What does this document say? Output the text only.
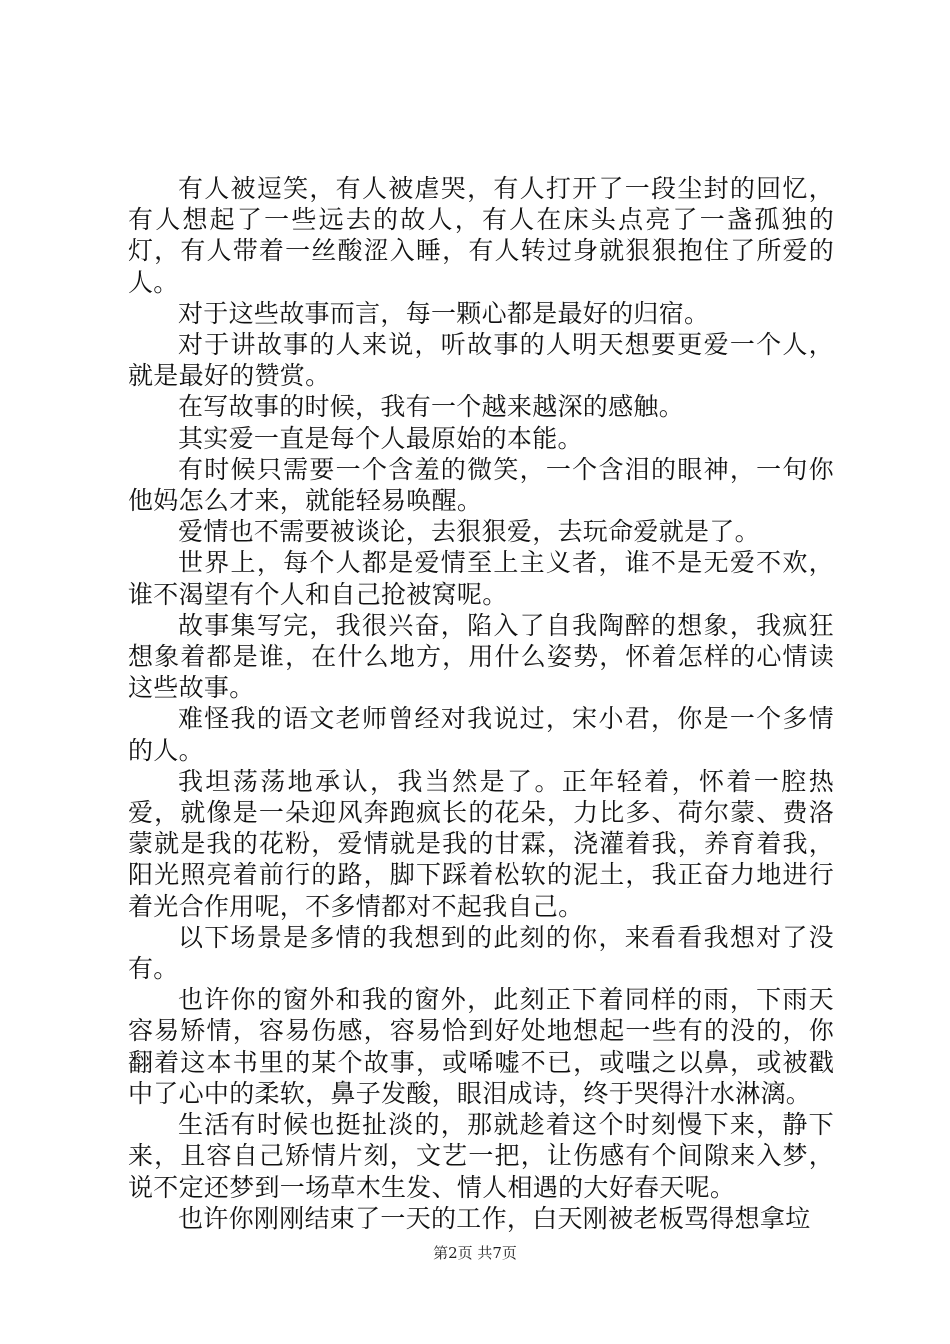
有人被逗笑，有人被虐哭，有人打开了一段尘封的回忆，有人想起了一些远去的故人，有人在床头点亮了一盏孤独的灯，有人带着一丝酸涩入睡，有人转过身就狠狠抱住了所爱的人。

对于这些故事而言，每一颗心都是最好的归宿。

对于讲故事的人来说，听故事的人明天想要更爱一个人，就是最好的赞赏。

在写故事的时候，我有一个越来越深的感触。

其实爱一直是每个人最原始的本能。

有时候只需要一个含羞的微笑，一个含泪的眼神，一句你他妈怎么才来，就能轻易唤醒。

爱情也不需要被谈论，去狠狠爱，去玩命爱就是了。

世界上，每个人都是爱情至上主义者，谁不是无爱不欢，谁不渴望有个人和自己抢被窝呢。

故事集写完，我很兴奋，陷入了自我陶醉的想象，我疯狂想象着都是谁，在什么地方，用什么姿势，怀着怎样的心情读这些故事。

难怪我的语文老师曾经对我说过，宋小君，你是一个多情的人。

我坦荡荡地承认，我当然是了。正年轻着，怀着一腔热爱，就像是一朵迎风奔跑疯长的花朵，力比多、荷尔蒙、费洛蒙就是我的花粉，爱情就是我的甘霖，浇灌着我，养育着我，阳光照亮着前行的路，脚下踩着松软的泥土，我正奋力地进行着光合作用呢，不多情都对不起我自己。

以下场景是多情的我想到的此刻的你，来看看我想对了没有。

也许你的窗外和我的窗外，此刻正下着同样的雨，下雨天容易矫情，容易伤感，容易恰到好处地想起一些有的没的，你翻着这本书里的某个故事，或唏嘘不已，或嗤之以鼻，或被戳中了心中的柔软，鼻子发酸，眼泪成诗，终于哭得汁水淋漓。

生活有时候也挺扯淡的，那就趁着这个时刻慢下来，静下来，且容自己矫情片刻，文艺一把，让伤感有个间隙来入梦，说不定还梦到一场草木生发、情人相遇的大好春天呢。

也许你刚刚结束了一天的工作，白天刚被老板骂得想拿垃

第2页 共7页
